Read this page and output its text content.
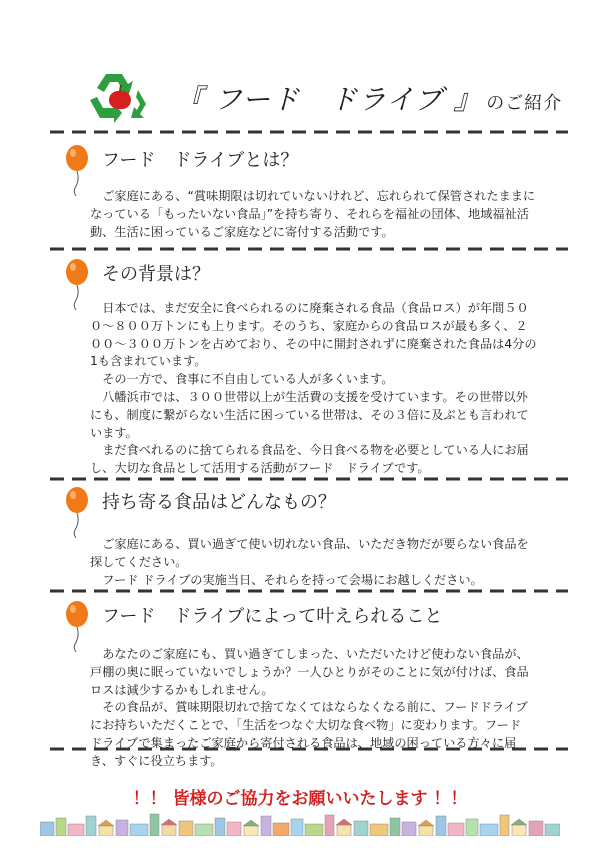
『 フード　ドライブ 』 のご紹介
フード　ドライブとは？

ご家庭にある、“賞味期限は切れていないけれど、忘れられて保管されたままになっている「もったいない食品」”を持ち寄り、それらを福祉の団体、地域福祉活動、生活に困っているご家庭などに寄付する活動です。

その背景は？

日本では、まだ安全に食べられるのに廃棄される食品（食品ロス）が年間５００～８００万トンにも上ります。そのうち、家庭からの食品ロスが最も多く、２００～３００万トンを占めており、その中に開封されずに廃棄された食品は4分の1も含まれています。

その一方で、食事に不自由している人が多くいます。

八幡浜市では、３００世帯以上が生活費の支援を受けています。その世帯以外にも、制度に繋がらない生活に困っている世帯は、その３倍に及ぶとも言われています。

まだ食べれるのに捨てられる食品を、今日食べる物を必要としている人にお届し、大切な食品として活用する活動がフード　ドライブです。

持ち寄る食品はどんなもの？

ご家庭にある、買い過ぎて使い切れない食品、いただき物だが要らない食品を探してください。

フード ドライブの実施当日、それらを持って会場にお越しください。

フード　ドライブによって叶えられること

あなたのご家庭にも、買い過ぎてしまった、いただいたけど使わない食品が、戸棚の奥に眠っていないでしょうか？一人ひとりがそのことに気が付けば、食品ロスは減少するかもしれません。

その食品が、賞味期限切れで捨てなくてはならなくなる前に、フードドライブにお持ちいただくことで、「生活をつなぐ大切な食べ物」に変わります。フード　ドライブで集まったご家庭から寄付される食品は、地域の困っている方々に届き、すぐに役立ちます。

！！ 皆様のご協力をお願いいたします ！！
